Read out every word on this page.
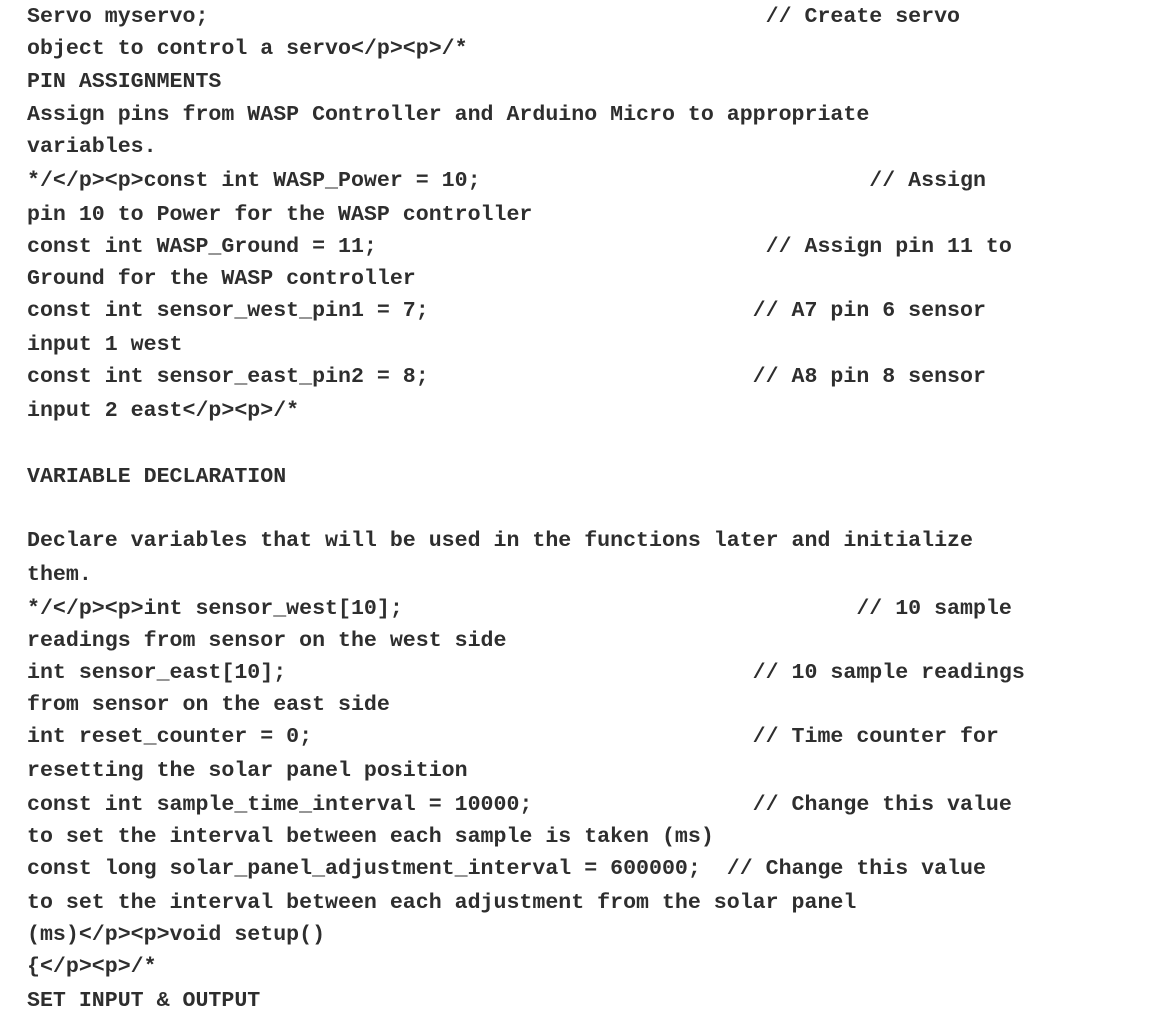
Servo myservo;                                           // Create servo
object to control a servo</p><p>/*
PIN ASSIGNMENTS
Assign pins from WASP Controller and Arduino Micro to appropriate
variables.
*/</p><p>const int WASP_Power = 10;                              // Assign
pin 10 to Power for the WASP controller
const int WASP_Ground = 11;                              // Assign pin 11 to
Ground for the WASP controller
const int sensor_west_pin1 = 7;                         // A7 pin 6 sensor
input 1 west
const int sensor_east_pin2 = 8;                         // A8 pin 8 sensor
input 2 east</p><p>/*
VARIABLE DECLARATION
Declare variables that will be used in the functions later and initialize
them.
*/</p><p>int sensor_west[10];                                   // 10 sample
readings from sensor on the west side
int sensor_east[10];                                    // 10 sample readings
from sensor on the east side
int reset_counter = 0;                                  // Time counter for
resetting the solar panel position
const int sample_time_interval = 10000;                 // Change this value
to set the interval between each sample is taken (ms)
const long solar_panel_adjustment_interval = 600000;  // Change this value
to set the interval between each adjustment from the solar panel
(ms)</p><p>void setup()
{</p><p>/*
SET INPUT & OUTPUT
